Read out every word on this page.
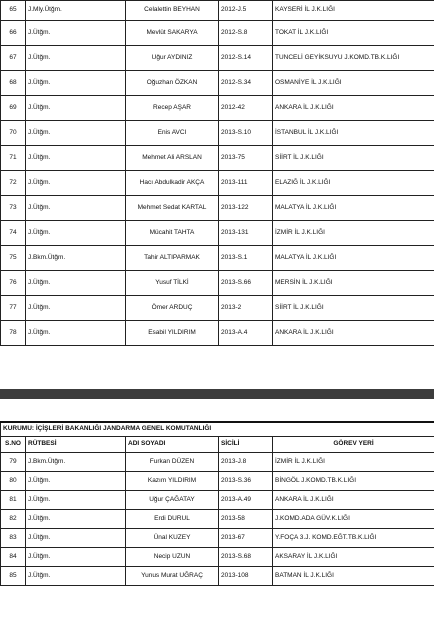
65	J.Mly.Ütğm.	Celalettin BEYHAN	2012-J.5	KAYSERİ İL J.K.LIĞI
66	J.Ütğm.	Mevlüt SAKARYA	2012-S.8	TOKAT İL J.K.LIĞI
67	J.Ütğm.	Uğur AYDINIZ	2012-S.14	TUNCELİ GEYİKSUYU J.KOMD.TB.K.LIĞI
68	J.Ütğm.	Oğuzhan ÖZKAN	2012-S.34	OSMANİYE İL J.K.LIĞI
69	J.Ütğm.	Recep AŞAR	2012-42	ANKARA İL J.K.LIĞI
70	J.Ütğm.	Enis AVCI	2013-S.10	İSTANBUL İL J.K.LIĞI
71	J.Ütğm.	Mehmet Ali ARSLAN	2013-75	SİİRT İL J.K.LIĞI
72	J.Ütğm.	Hacı Abdulkadir AKÇA	2013-111	ELAZIĞ İL J.K.LIĞI
73	J.Ütğm.	Mehmet Sedat KARTAL	2013-122	MALATYA İL J.K.LIĞI
74	J.Ütğm.	Mücahit TAHTA	2013-131	İZMİR İL J.K.LIĞI
75	J.Bkm.Ütğm.	Tahir ALTIPARMAK	2013-S.1	MALATYA İL J.K.LIĞI
76	J.Ütğm.	Yusuf TİLKİ	2013-S.66	MERSİN İL J.K.LIĞI
77	J.Ütğm.	Ömer ARDUÇ	2013-2	SİİRT İL J.K.LIĞI
78	J.Ütğm.	Esabil YILDIRIM	2013-A.4	ANKARA İL J.K.LIĞI
KURUMU: İÇİŞLERİ BAKANLIĞI JANDARMA GENEL KOMUTANLIĞI				
S.NO	RÜTBESİ	ADI SOYADI	SİCİLİ	GÖREV YERİ
79	J.Bkm.Ütğm.	Furkan DÜZEN	2013-J.8	İZMİR İL J.K.LIĞI
80	J.Ütğm.	Kazım YILDIRIM	2013-S.36	BİNGÖL J.KOMD.TB.K.LIĞI
81	J.Ütğm.	Uğur ÇAĞATAY	2013-A.49	ANKARA İL J.K.LIĞI
82	J.Ütğm.	Erdi DURUL	2013-58	J.KOMD.ADA GÜV.K.LIĞI
83	J.Ütğm.	Ünal KUZEY	2013-67	Y.FOÇA 3.J. KOMD.EĞT.TB.K.LIĞI
84	J.Ütğm.	Necip UZUN	2013-S.68	AKSARAY İL J.K.LIĞI
85	J.Ütğm.	Yunus Murat UĞRAÇ	2013-108	BATMAN İL J.K.LIĞI
